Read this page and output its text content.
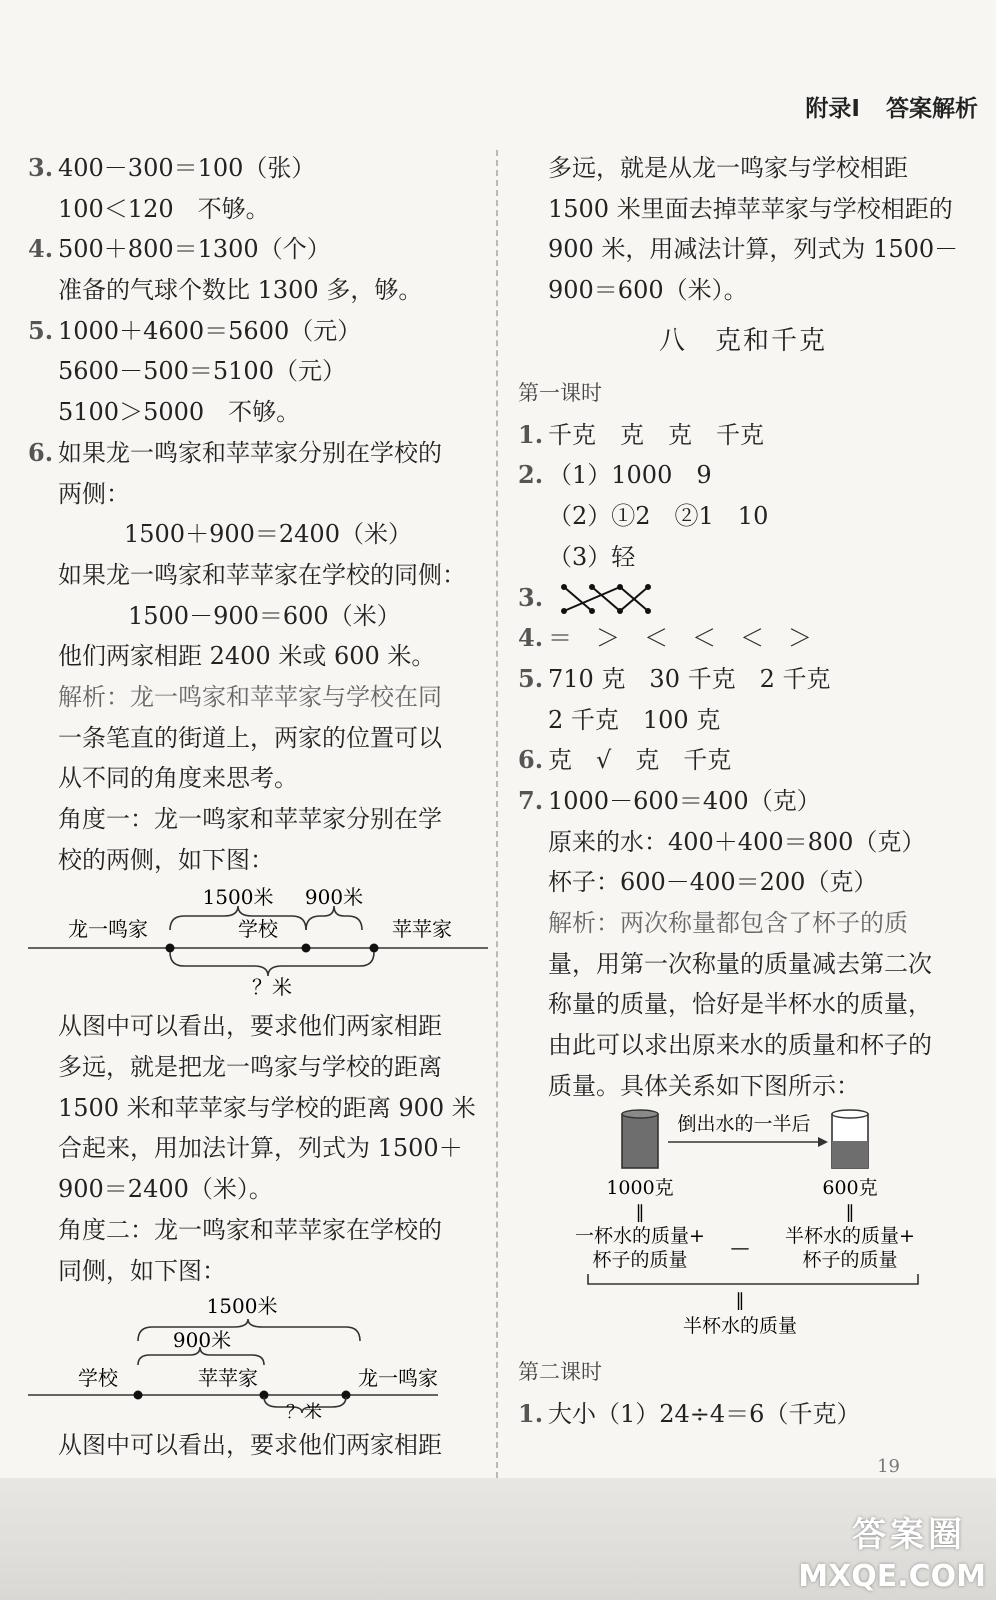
附录Ⅰ 答案解析
3. 400－300＝100（张）
100＜120　不够。
4. 500＋800＝1300（个）
准备的气球个数比 1300 多，够。
5. 1000＋4600＝5600（元）
5600－500＝5100（元）
5100＞5000　不够。
6. 如果龙一鸣家和苹苹家分别在学校的
两侧：
1500＋900＝2400（米）
如果龙一鸣家和苹苹家在学校的同侧：
1500－900＝600（米）
他们两家相距 2400 米或 600 米。
解析：龙一鸣家和苹苹家与学校在同
一条笔直的街道上，两家的位置可以
从不同的角度来思考。
角度一：龙一鸣家和苹苹家分别在学
校的两侧，如下图：
1500米 900米
龙一鸣家	学校	苹苹家
？米
从图中可以看出，要求他们两家相距
多远，就是把龙一鸣家与学校的距离
1500 米和苹苹家与学校的距离 900 米
合起来，用加法计算，列式为 1500＋
900＝2400（米）。
角度二：龙一鸣家和苹苹家在学校的
同侧，如下图：
1500米
900米
学校	苹苹家	龙一鸣家
？米
从图中可以看出，要求他们两家相距
多远，就是从龙一鸣家与学校相距
1500 米里面去掉苹苹家与学校相距的
900 米，用减法计算，列式为 1500－
900＝600（米）。
八　克和千克
第一课时
1. 千克　克　克　千克
2. （1）1000　9
（2）①2　②1　10
（3）轻
3.
4. ＝　＞　＜　＜　＜　＞
5. 710 克　30 千克　2 千克
2 千克　100 克
6. 克　√　克　千克
7. 1000－600＝400（克）
原来的水：400＋400＝800（克）
杯子：600－400＝200（克）
解析：两次称量都包含了杯子的质
量，用第一次称量的质量减去第二次
称量的质量，恰好是半杯水的质量，
由此可以求出原来水的质量和杯子的
质量。具体关系如下图所示：
倒出水的一半后
1000克	600克
‖	‖
一杯水的质量+
杯子的质量
—
半杯水的质量+
杯子的质量
‖
半杯水的质量
第二课时
1. 大小（1）24÷4＝6（千克）
19
答案圈
MXQE.COM
